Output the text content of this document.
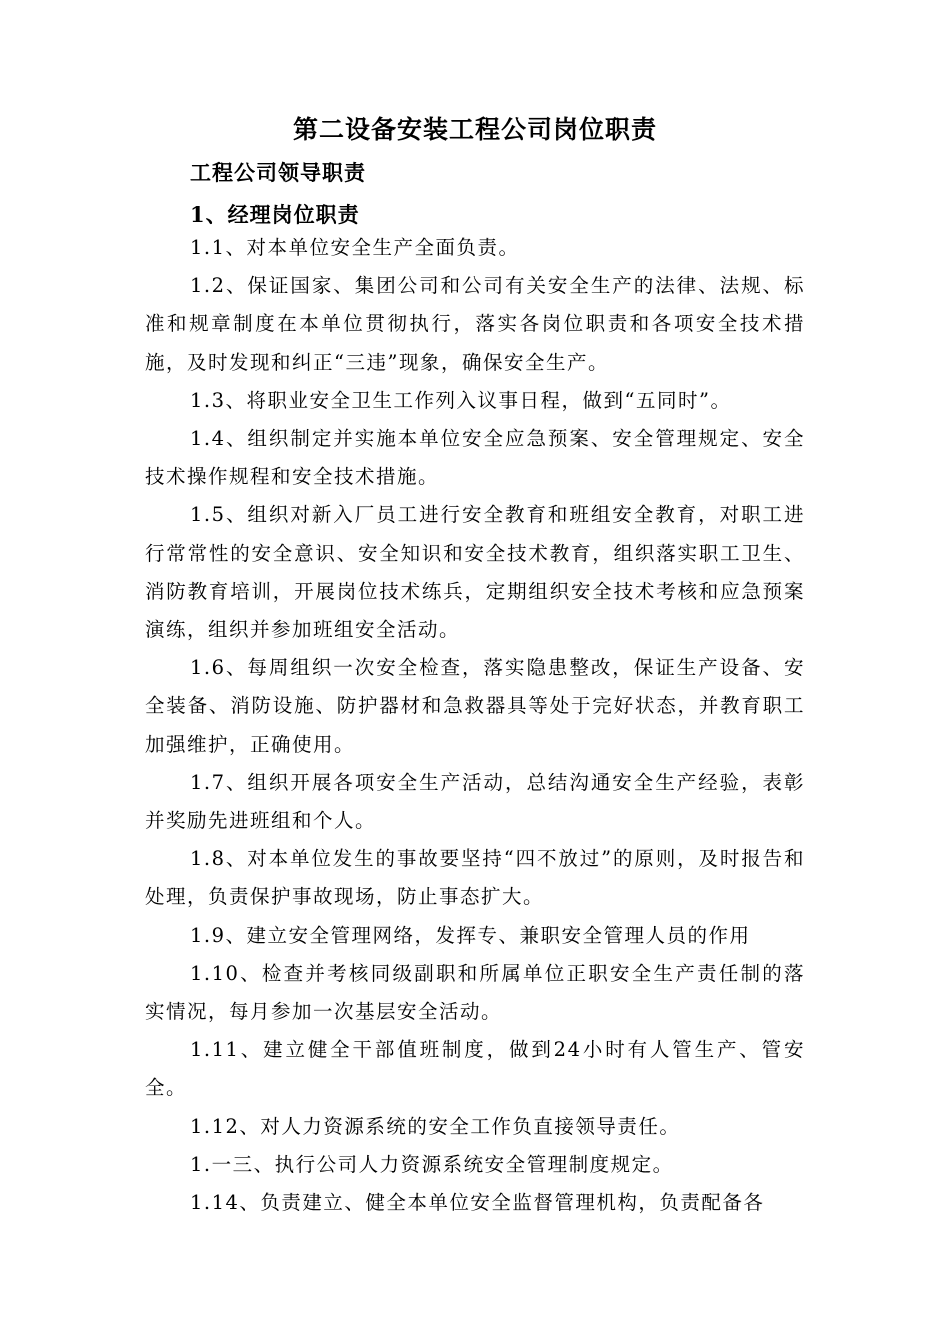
第二设备安装工程公司岗位职责
工程公司领导职责
1、经理岗位职责

1.1、对本单位安全生产全面负责。

1.2、保证国家、集团公司和公司有关安全生产的法律、法规、标准和规章制度在本单位贯彻执行，落实各岗位职责和各项安全技术措施，及时发现和纠正“三违”现象，确保安全生产。

1.3、将职业安全卫生工作列入议事日程，做到“五同时”。

1.4、组织制定并实施本单位安全应急预案、安全管理规定、安全技术操作规程和安全技术措施。

1.5、组织对新入厂员工进行安全教育和班组安全教育，对职工进行常常性的安全意识、安全知识和安全技术教育，组织落实职工卫生、消防教育培训，开展岗位技术练兵，定期组织安全技术考核和应急预案演练，组织并参加班组安全活动。

1.6、每周组织一次安全检查，落实隐患整改，保证生产设备、安全装备、消防设施、防护器材和急救器具等处于完好状态，并教育职工加强维护，正确使用。

1.7、组织开展各项安全生产活动，总结沟通安全生产经验，表彰并奖励先进班组和个人。

1.8、对本单位发生的事故要坚持“四不放过”的原则，及时报告和处理，负责保护事故现场，防止事态扩大。

1.9、建立安全管理网络，发挥专、兼职安全管理人员的作用

1.10、检查并考核同级副职和所属单位正职安全生产责任制的落实情况，每月参加一次基层安全活动。

1.11、建立健全干部值班制度，做到24小时有人管生产、管安全。

1.12、对人力资源系统的安全工作负直接领导责任。

1.一三、执行公司人力资源系统安全管理制度规定。

1.14、负责建立、健全本单位安全监督管理机构，负责配备各
